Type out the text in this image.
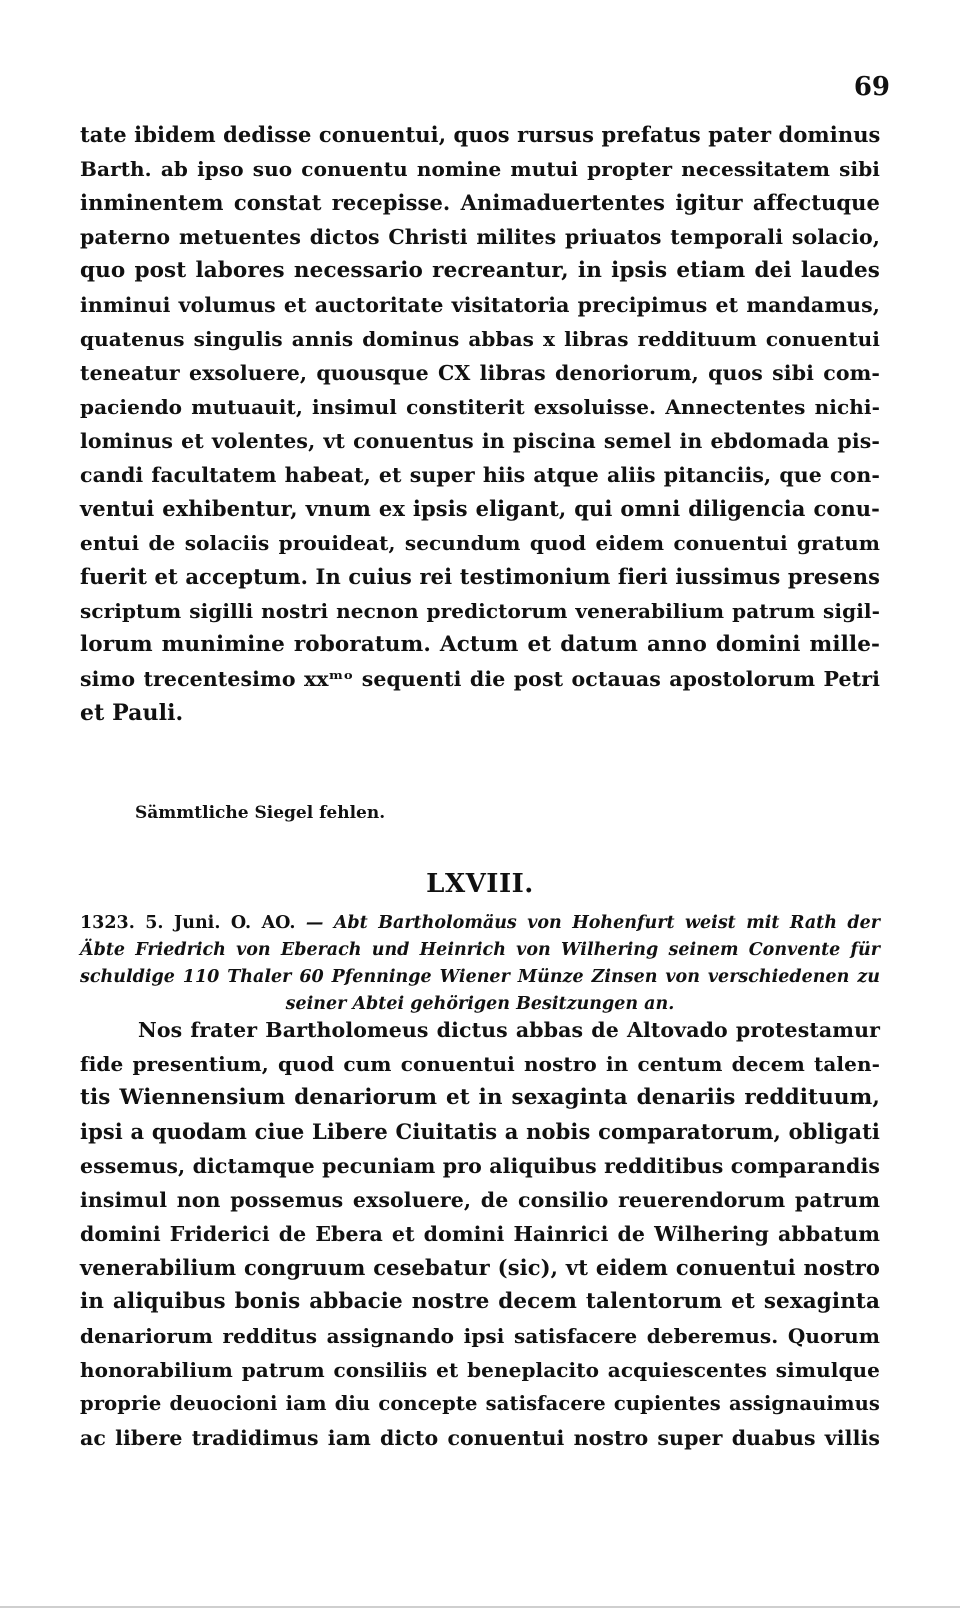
69
tate ibidem dedisse conuentui, quos rursus prefatus pater dominus
Barth. ab ipso suo conuentu nomine mutui propter necessitatem sibi
inminentem constat recepisse. Animaduertentes igitur affectuque
paterno metuentes dictos Christi milites priuatos temporali solacio,
quo post labores necessario recreantur, in ipsis etiam dei laudes
inminui volumus et auctoritate visitatoria precipimus et mandamus,
quatenus singulis annis dominus abbas x libras reddituum conuentui
teneatur exsoluere, quousque CX libras denoriorum, quos sibi com-
paciendo mutuauit, insimul constiterit exsoluisse. Annectentes nichi-
lominus et volentes, vt conuentus in piscina semel in ebdomada pis-
candi facultatem habeat, et super hiis atque aliis pitanciis, que con-
ventui exhibentur, vnum ex ipsis eligant, qui omni diligencia conu-
entui de solaciis prouideat, secundum quod eidem conuentui gratum
fuerit et acceptum. In cuius rei testimonium fieri iussimus presens
scriptum sigilli nostri necnon predictorum venerabilium patrum sigil-
lorum munimine roboratum. Actum et datum anno domini mille-
simo trecentesimo xxᵐᵒ sequenti die post octauas apostolorum Petri
et Pauli.
Sämmtliche Siegel fehlen.
LXVIII.
1323. 5. Juni. O. AO. — Abt Bartholomäus von Hohenfurt weist mit Rath der
Äbte Friedrich von Eberach und Heinrich von Wilhering seinem Convente für
schuldige 110 Thaler 60 Pfenninge Wiener Münze Zinsen von verschiedenen zu
seiner Abtei gehörigen Besitzungen an.
Nos frater Bartholomeus dictus abbas de Altovado protestamur
fide presentium, quod cum conuentui nostro in centum decem talen-
tis Wiennensium denariorum et in sexaginta denariis reddituum,
ipsi a quodam ciue Libere Ciuitatis a nobis comparatorum, obligati
essemus, dictamque pecuniam pro aliquibus redditibus comparandis
insimul non possemus exsoluere, de consilio reuerendorum patrum
domini Friderici de Ebera et domini Hainrici de Wilhering abbatum
venerabilium congruum cesebatur (sic), vt eidem conuentui nostro
in aliquibus bonis abbacie nostre decem talentorum et sexaginta
denariorum redditus assignando ipsi satisfacere deberemus. Quorum
honorabilium patrum consiliis et beneplacito acquiescentes simulque
proprie deuocioni iam diu concepte satisfacere cupientes assignauimus
ac libere tradidimus iam dicto conuentui nostro super duabus villis
